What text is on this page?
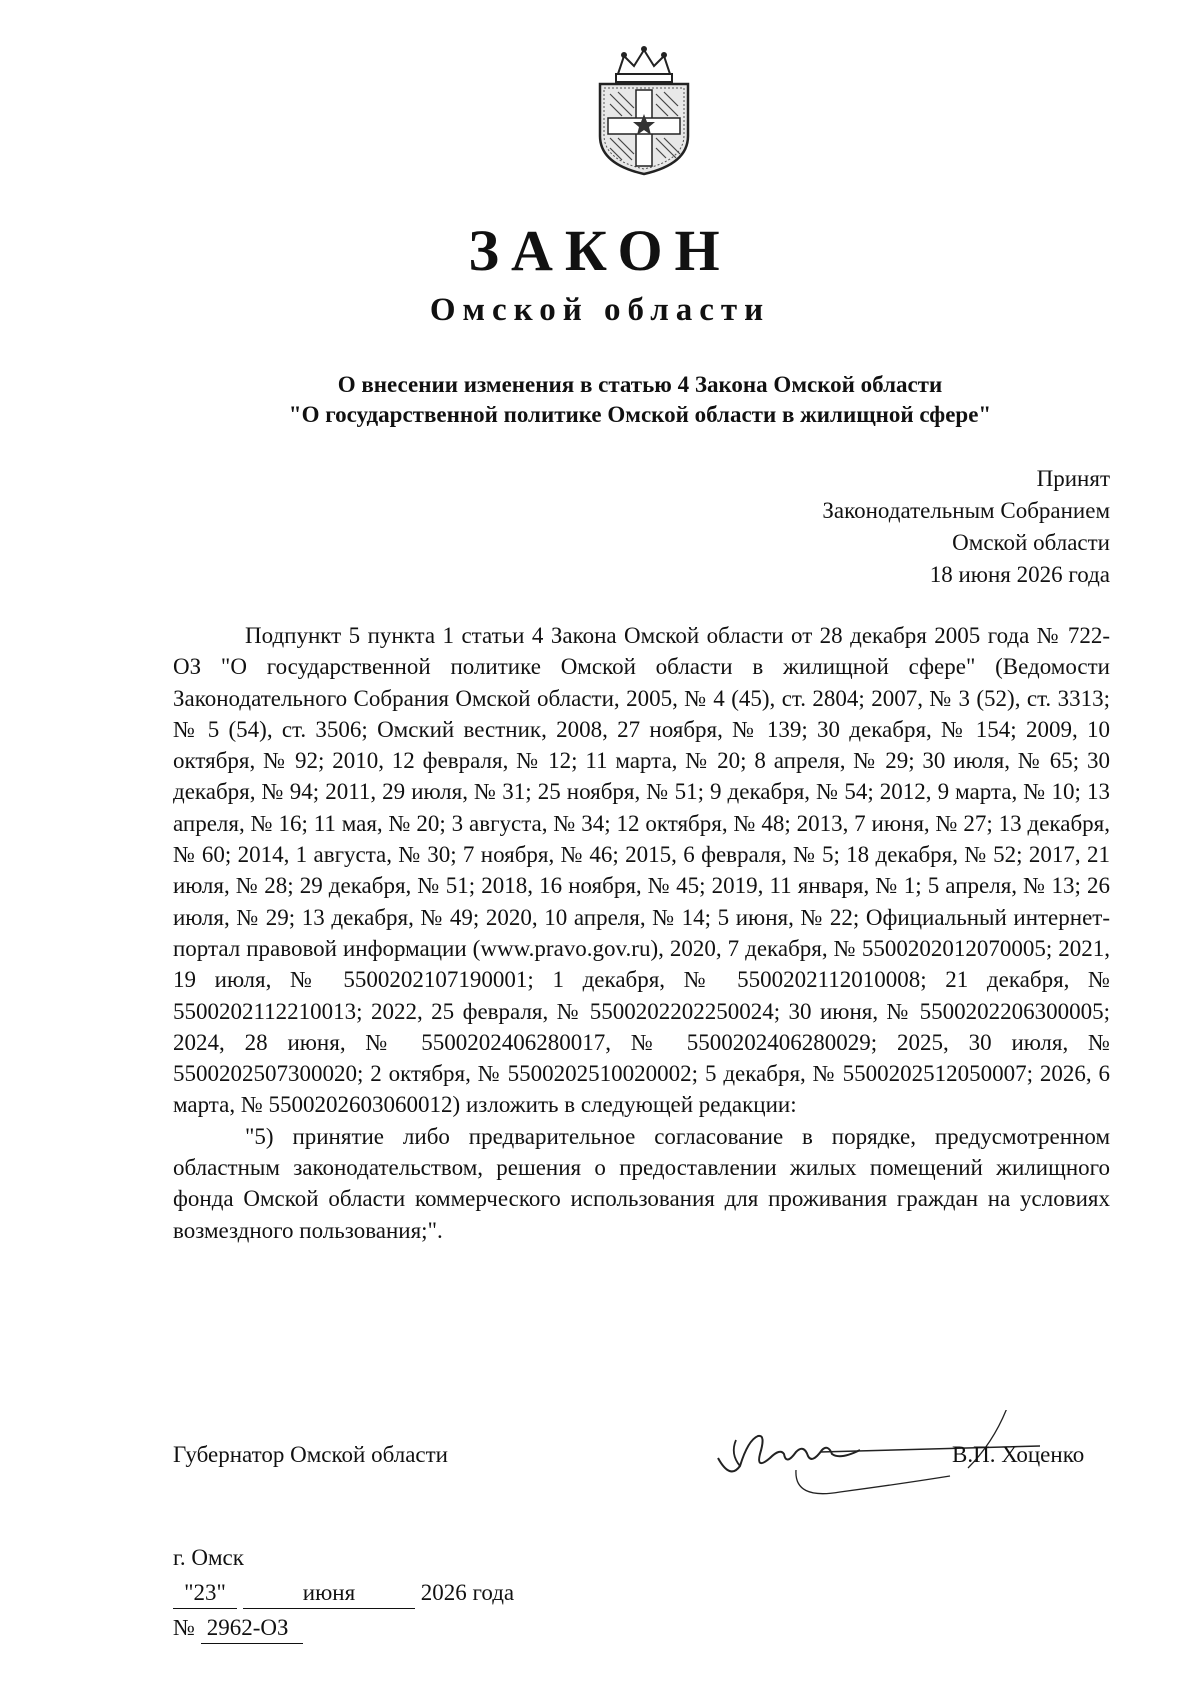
ЗАКОН
Омской области
О внесении изменения в статью 4 Закона Омской области
"О государственной политике Омской области в жилищной сфере"
Принят
Законодательным Собранием
Омской области
18 июня 2026 года

Подпункт 5 пункта 1 статьи 4 Закона Омской области от 28 декабря 2005 года № 722-ОЗ "О государственной политике Омской области в жилищной сфере" (Ведомости Законодательного Собрания Омской области, 2005, № 4 (45), ст. 2804; 2007, № 3 (52), ст. 3313; № 5 (54), ст. 3506; Омский вестник, 2008, 27 ноября, № 139; 30 декабря, № 154; 2009, 10 октября, № 92; 2010, 12 февраля, № 12; 11 марта, № 20; 8 апреля, № 29; 30 июля, № 65; 30 декабря, № 94; 2011, 29 июля, № 31; 25 ноября, № 51; 9 декабря, № 54; 2012, 9 марта, № 10; 13 апреля, № 16; 11 мая, № 20; 3 августа, № 34; 12 октября, № 48; 2013, 7 июня, № 27; 13 декабря, № 60; 2014, 1 августа, № 30; 7 ноября, № 46; 2015, 6 февраля, № 5; 18 декабря, № 52; 2017, 21 июля, № 28; 29 декабря, № 51; 2018, 16 ноября, № 45; 2019, 11 января, № 1; 5 апреля, № 13; 26 июля, № 29; 13 декабря, № 49; 2020, 10 апреля, № 14; 5 июня, № 22; Официальный интернет-портал правовой информации (www.pravo.gov.ru), 2020, 7 декабря, № 5500202012070005; 2021, 19 июля, № 5500202107190001; 1 декабря, № 5500202112010008; 21 декабря, № 5500202112210013; 2022, 25 февраля, № 5500202202250024; 30 июня, № 5500202206300005; 2024, 28 июня, № 5500202406280017, № 5500202406280029; 2025, 30 июля, № 5500202507300020; 2 октября, № 5500202510020002; 5 декабря, № 5500202512050007; 2026, 6 марта, № 5500202603060012) изложить в следующей редакции:

"5) принятие либо предварительное согласование в порядке, предусмотренном областным законодательством, решения о предоставлении жилых помещений жилищного фонда Омской области коммерческого использования для проживания граждан на условиях возмездного пользования;".

Губернатор Омской области	В.П. Хоценко
г. Омск
"23"	июня	2026 года
№ 2962-ОЗ
